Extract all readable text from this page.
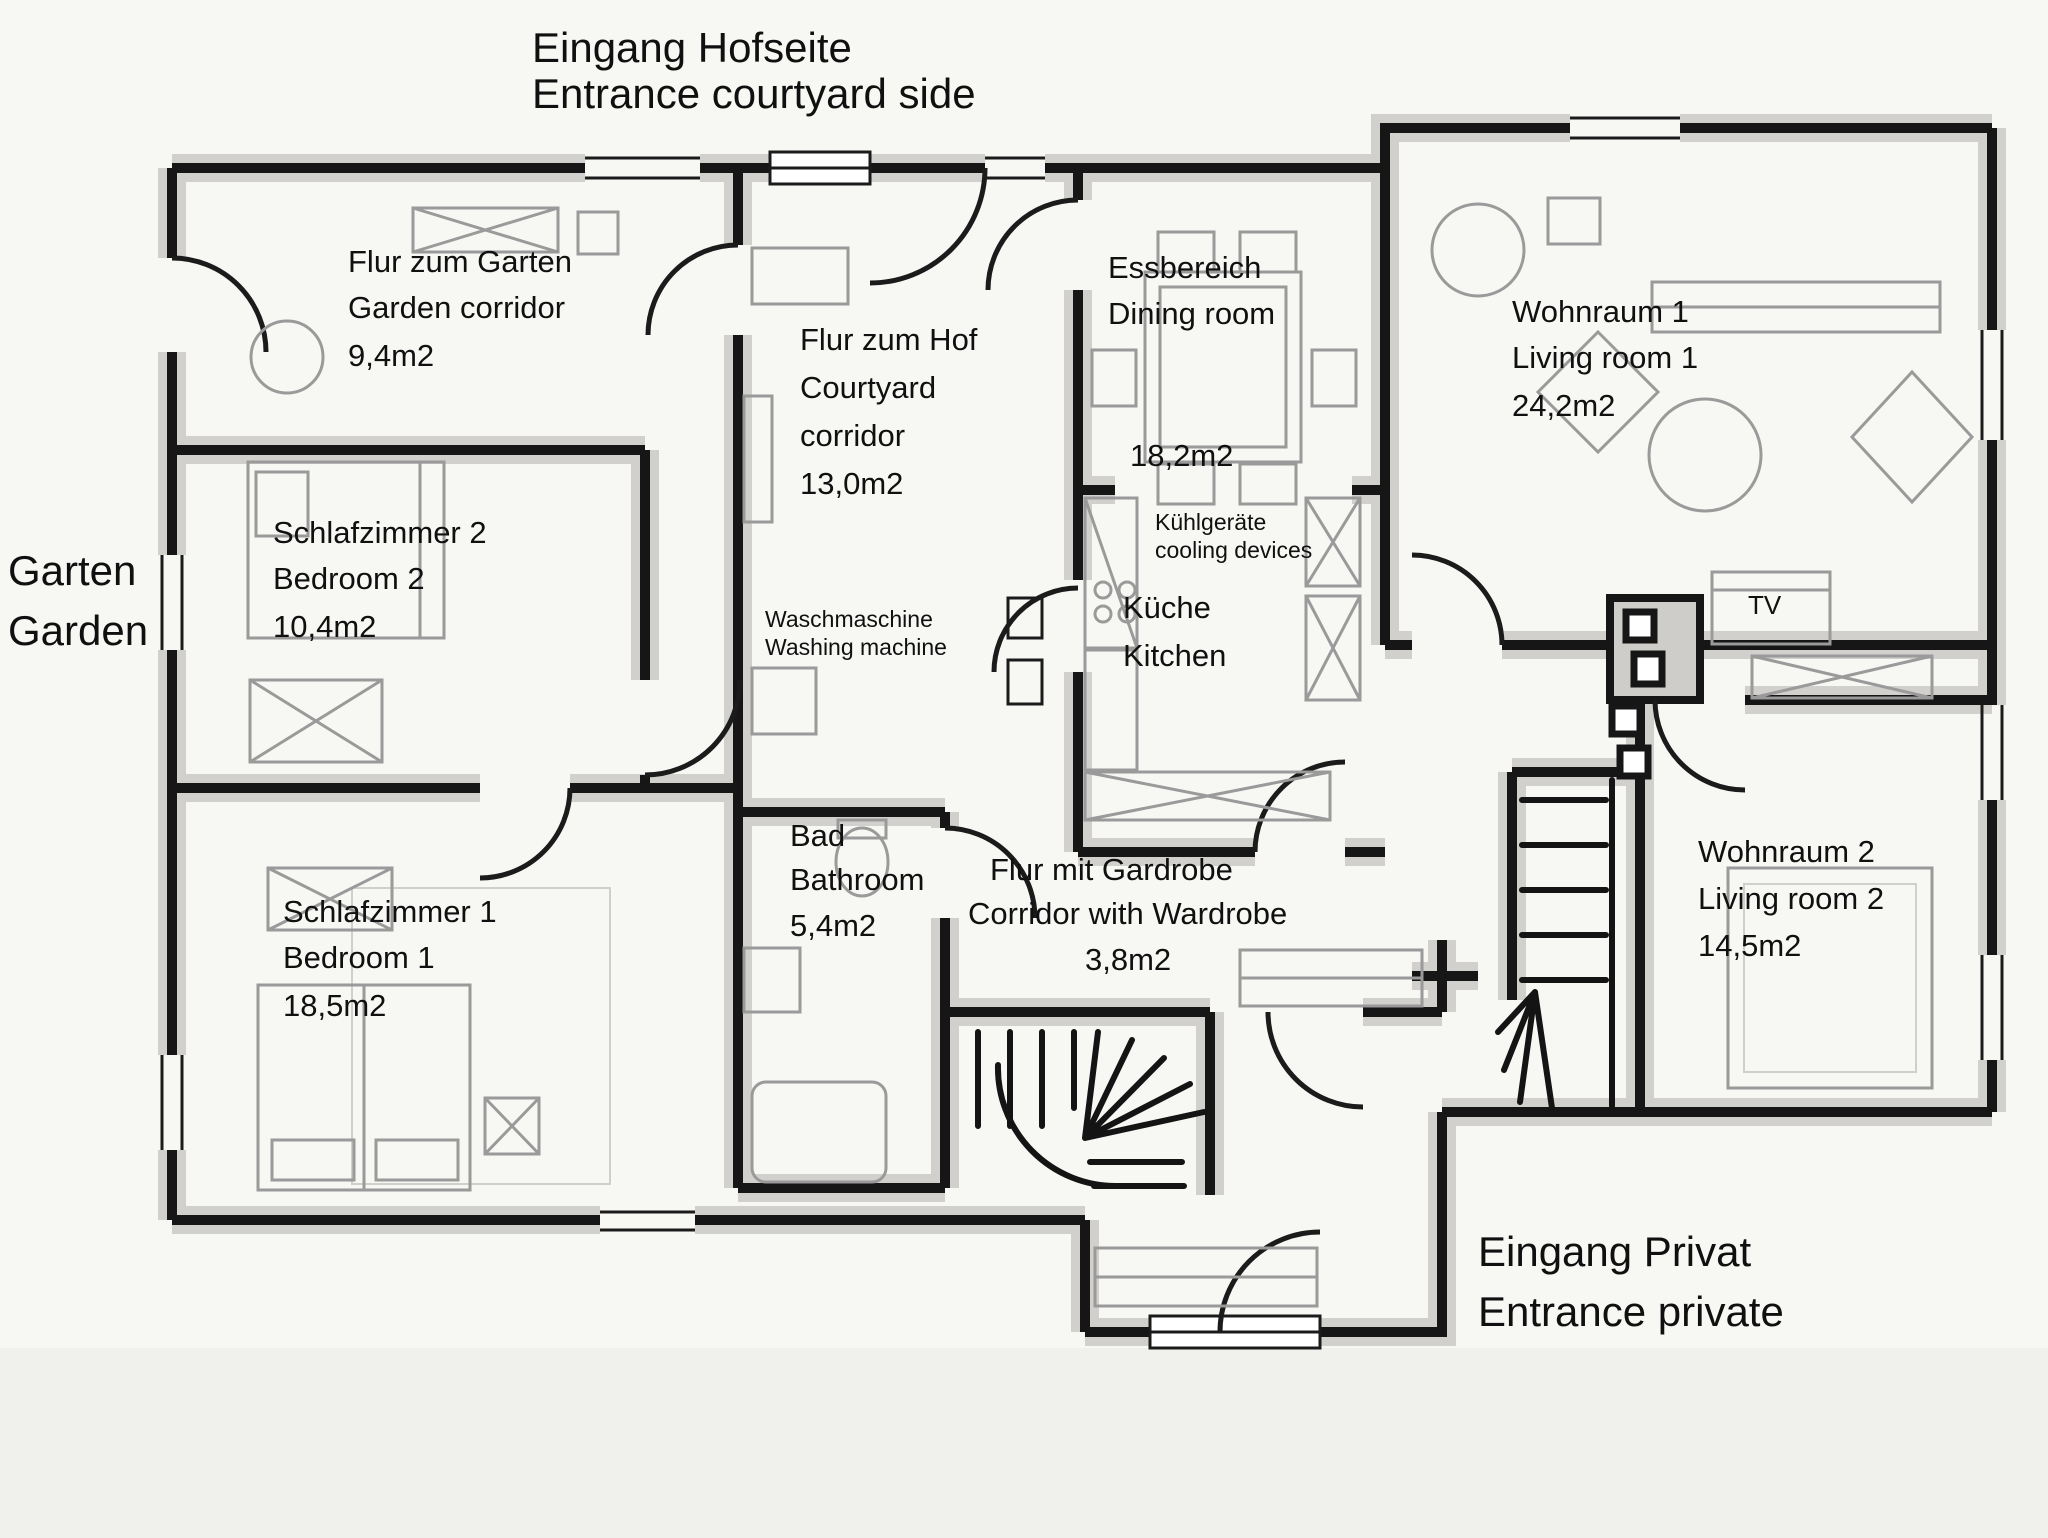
Eingang Hofseite
Entrance courtyard side
Garten
Garden
Eingang Privat
Entrance private
Flur zum Garten
Garden corridor
9,4m2
Schlafzimmer 2
Bedroom 2
10,4m2
Schlafzimmer 1
Bedroom 1
18,5m2
Flur zum Hof
Courtyard
corridor
13,0m2
Essbereich
Dining room
18,2m2
Küche
Kitchen
Wohnraum 1
Living room 1
24,2m2
Wohnraum 2
Living room 2
14,5m2
Bad
Bathroom
5,4m2
Flur mit Gardrobe
Corridor with Wardrobe
3,8m2
Waschmaschine
Washing machine
Kühlgeräte
cooling devices
TV
